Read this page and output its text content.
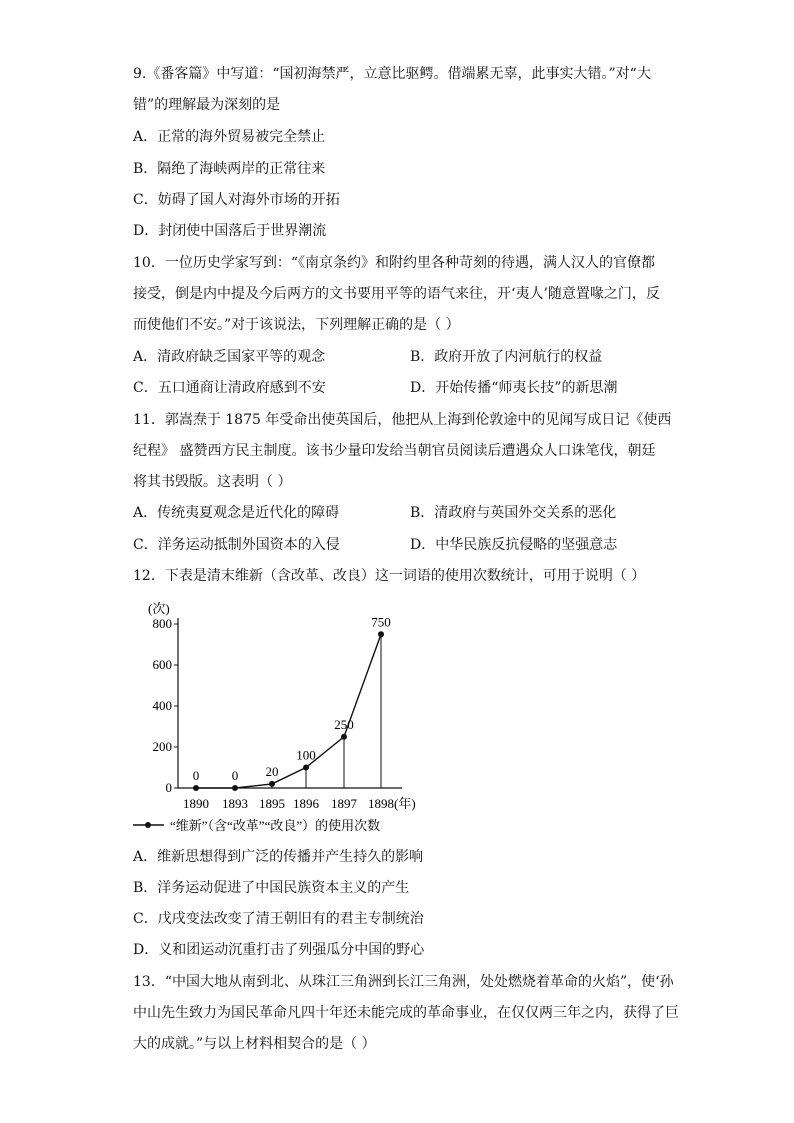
9.《番客篇》中写道：“国初海禁严，立意比驱鳄。借端累无辜，此事实大错。”对“大
错”的理解最为深刻的是
A．正常的海外贸易被完全禁止
B．隔绝了海峡两岸的正常往来
C．妨碍了国人对海外市场的开拓
D．封闭使中国落后于世界潮流
10．一位历史学家写到：“《南京条约》和附约里各种苛刻的待遇，满人汉人的官僚都
接受，倒是内中提及今后两方的文书要用平等的语气来往，开‘夷人’随意置喙之门，反
而使他们不安。”对于该说法，下列理解正确的是（ ）
A．清政府缺乏国家平等的观念	B．政府开放了内河航行的权益
C．五口通商让清政府感到不安	D．开始传播“师夷长技”的新思潮
11．郭嵩焘于 1875 年受命出使英国后，他把从上海到伦敦途中的见闻写成日记《使西
纪程》 盛赞西方民主制度。该书少量印发给当朝官员阅读后遭遇众人口诛笔伐，朝廷
将其书毁版。这表明（ ）
A．传统夷夏观念是近代化的障碍	B．清政府与英国外交关系的恶化
C．洋务运动抵制外国资本的入侵	D．中华民族反抗侵略的坚强意志
12．下表是清末维新（含改革、改良）这一词语的使用次数统计，可用于说明（ ）
(次)
(年)
0
200
400
600
800
1890 1893 1895 1896 1897 1898
0	0 20
100
250
750
“维新”（含“改革”“改良”）的使用次数
A．维新思想得到广泛的传播并产生持久的影响
B．洋务运动促进了中国民族资本主义的产生
C．戊戌变法改变了清王朝旧有的君主专制统治
D．义和团运动沉重打击了列强瓜分中国的野心
13．“中国大地从南到北、从珠江三角洲到长江三角洲，处处燃烧着革命的火焰”，使‘孙
中山先生致力为国民革命凡四十年还未能完成的革命事业，在仅仅两三年之内，获得了巨
大的成就。”与以上材料相契合的是（ ）
